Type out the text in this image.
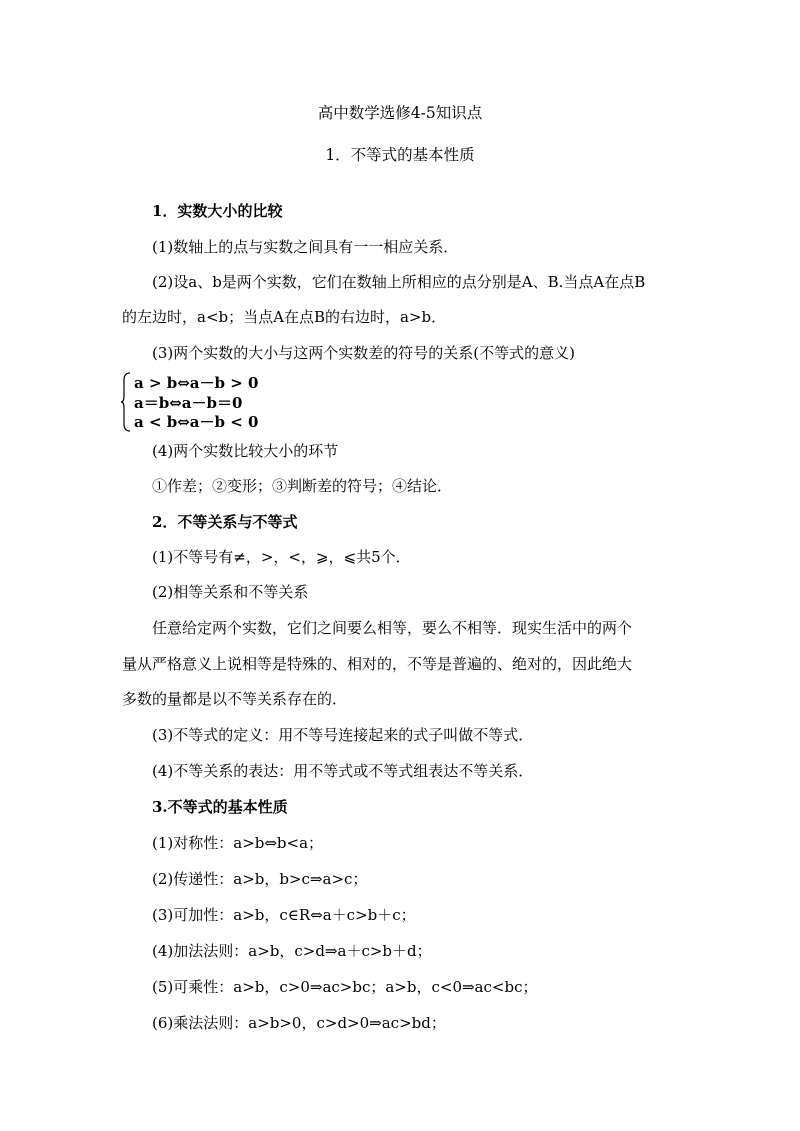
高中数学选修4-5知识点
1．不等式的基本性质
1．实数大小的比较
(1)数轴上的点与实数之间具有一一相应关系．
(2)设a、b是两个实数，它们在数轴上所相应的点分别是A、B.当点A在点B
的左边时，a<b；当点A在点B的右边时，a>b．
(3)两个实数的大小与这两个实数差的符号的关系(不等式的意义)
a > b⇔a－b > 0
a＝b⇔a－b＝0
a < b⇔a－b < 0
(4)两个实数比较大小的环节
①作差；②变形；③判断差的符号；④结论．
2．不等关系与不等式
(1)不等号有≠，>，<，⩾，⩽共5个．
(2)相等关系和不等关系
任意给定两个实数，它们之间要么相等，要么不相等．现实生活中的两个
量从严格意义上说相等是特殊的、相对的，不等是普遍的、绝对的，因此绝大
多数的量都是以不等关系存在的．
(3)不等式的定义：用不等号连接起来的式子叫做不等式．
(4)不等关系的表达：用不等式或不等式组表达不等关系．
3.不等式的基本性质
(1)对称性：a>b⇔b<a；
(2)传递性：a>b，b>c⇒a>c；
(3)可加性：a>b，c∈R⇔a＋c>b＋c；
(4)加法法则：a>b，c>d⇒a＋c>b＋d；
(5)可乘性：a>b，c>0⇒ac>bc；a>b，c<0⇒ac<bc；
(6)乘法法则：a>b>0，c>d>0⇒ac>bd；
